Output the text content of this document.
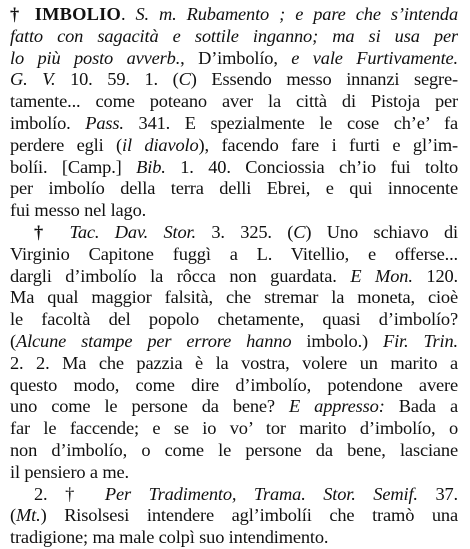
† IMBOLIO. S. m. Rubamento ; e pare che s’intenda
fatto con sagacità e sottile inganno; ma si usa per
lo più posto avverb., D’imbolío, e vale Furtivamente.
G. V. 10. 59. 1. (C) Essendo messo innanzi segre-
tamente... come poteano aver la città di Pistoja per
imbolío. Pass. 341. E spezialmente le cose ch’e’ fa
perdere egli (il diavolo), facendo fare i furti e gl’im-
bolíi. [Camp.] Bib. 1. 40. Conciossia ch’io fui tolto
per imbolío della terra delli Ebrei, e qui innocente
fui messo nel lago.
† Tac. Dav. Stor. 3. 325. (C) Uno schiavo di
Virginio Capitone fuggì a L. Vitellio, e offerse...
dargli d’imbolío la rôcca non guardata. E Mon. 120.
Ma qual maggior falsità, che stremar la moneta, cioè
le facoltà del popolo chetamente, quasi d’imbolío?
(Alcune stampe per errore hanno imbolo.) Fir. Trin.
2. 2. Ma che pazzia è la vostra, volere un marito a
questo modo, come dire d’imbolío, potendone avere
uno come le persone da bene? E appresso: Bada a
far le faccende; e se io vo’ tor marito d’imbolío, o
non d’imbolío, o come le persone da bene, lasciane
il pensiero a me.
2. † Per Tradimento, Trama. Stor. Semif. 37.
(Mt.) Risolsesi intendere agl’imbolíi che tramò una
tradigione; ma male colpì suo intendimento.
